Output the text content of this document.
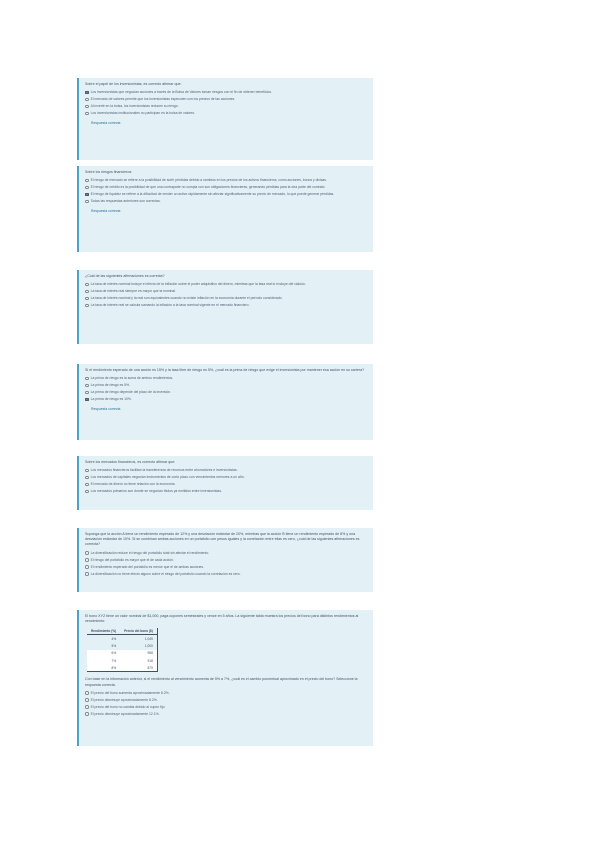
Sobre el papel de los inversionistas, es correcto afirmar que:
Los inversionistas que negocian acciones a través de la Bolsa de Valores toman riesgos con el fin de obtener beneficios.
El mercado de valores permite que los inversionistas especulen con los precios de las acciones.
Al invertir en la bolsa, los inversionistas reducen su riesgo.
Los inversionistas institucionales no participan en la bolsa de valores.
Respuesta correcta
Sobre los riesgos financieros:
El riesgo de mercado se refiere a la posibilidad de sufrir pérdidas debido a cambios en los precios de los activos financieros, como acciones, bonos y divisas.
El riesgo de crédito es la posibilidad de que una contraparte no cumpla con sus obligaciones financieras, generando pérdidas para la otra parte del contrato.
El riesgo de liquidez se refiere a la dificultad de vender un activo rápidamente sin afectar significativamente su precio de mercado, lo que puede generar pérdidas.
Todas las respuestas anteriores son correctas.
Respuesta correcta
¿Cuál de las siguientes afirmaciones es correcta?
La tasa de interés nominal incluye el efecto de la inflación sobre el poder adquisitivo del dinero, mientras que la tasa real lo excluye del cálculo.
La tasa de interés real siempre es mayor que la nominal.
La tasa de interés nominal y la real son equivalentes cuando no existe inflación en la economía durante el período considerado.
La tasa de interés real se calcula sumando la inflación a la tasa nominal vigente en el mercado financiero.
Si el rendimiento esperado de una acción es 15% y la tasa libre de riesgo es 5%, ¿cuál es la prima de riesgo que exige el inversionista por mantener esa acción en su cartera?
La prima de riesgo es la suma de ambos rendimientos.
La prima de riesgo es 5%.
La prima de riesgo depende del plazo de la inversión.
La prima de riesgo es 10%.
Respuesta correcta
Sobre los mercados financieros, es correcto afirmar que:
Los mercados financieros facilitan la transferencia de recursos entre ahorradores e inversionistas.
Los mercados de capitales negocian instrumentos de corto plazo con vencimientos menores a un año.
El mercado de dinero no tiene relación con la economía.
Los mercados primarios son donde se negocian títulos ya emitidos entre inversionistas.
Suponga que la acción A tiene un rendimiento esperado de 12% y una desviación estándar de 20%, mientras que la acción B tiene un rendimiento esperado de 8% y una desviación estándar de 10%. Si se combinan ambas acciones en un portafolio con pesos iguales y la correlación entre ellas es cero, ¿cuál de las siguientes afirmaciones es correcta?
La diversificación reduce el riesgo del portafolio total sin afectar el rendimiento.
El riesgo del portafolio es mayor que el de cada acción.
El rendimiento esperado del portafolio es menor que el de ambas acciones.
La diversificación no tiene efecto alguno sobre el riesgo del portafolio cuando la correlación es cero.
El bono XYZ tiene un valor nominal de $1,000, paga cupones semestrales y vence en 5 años. La siguiente tabla muestra los precios del bono para distintos rendimientos al vencimiento:
Rendimiento (%)	Precio del bono ($)
4%	1,045
5%	1,000
6%	958
7%	918
8%	879
Con base en la información anterior, si el rendimiento al vencimiento aumenta de 5% a 7%, ¿cuál es el cambio porcentual aproximado en el precio del bono? Seleccione la respuesta correcta.
El precio del bono aumenta aproximadamente 8.2%.
El precio disminuye aproximadamente 8.2%.
El precio del bono no cambia debido al cupón fijo.
El precio disminuye aproximadamente 12.1%.
